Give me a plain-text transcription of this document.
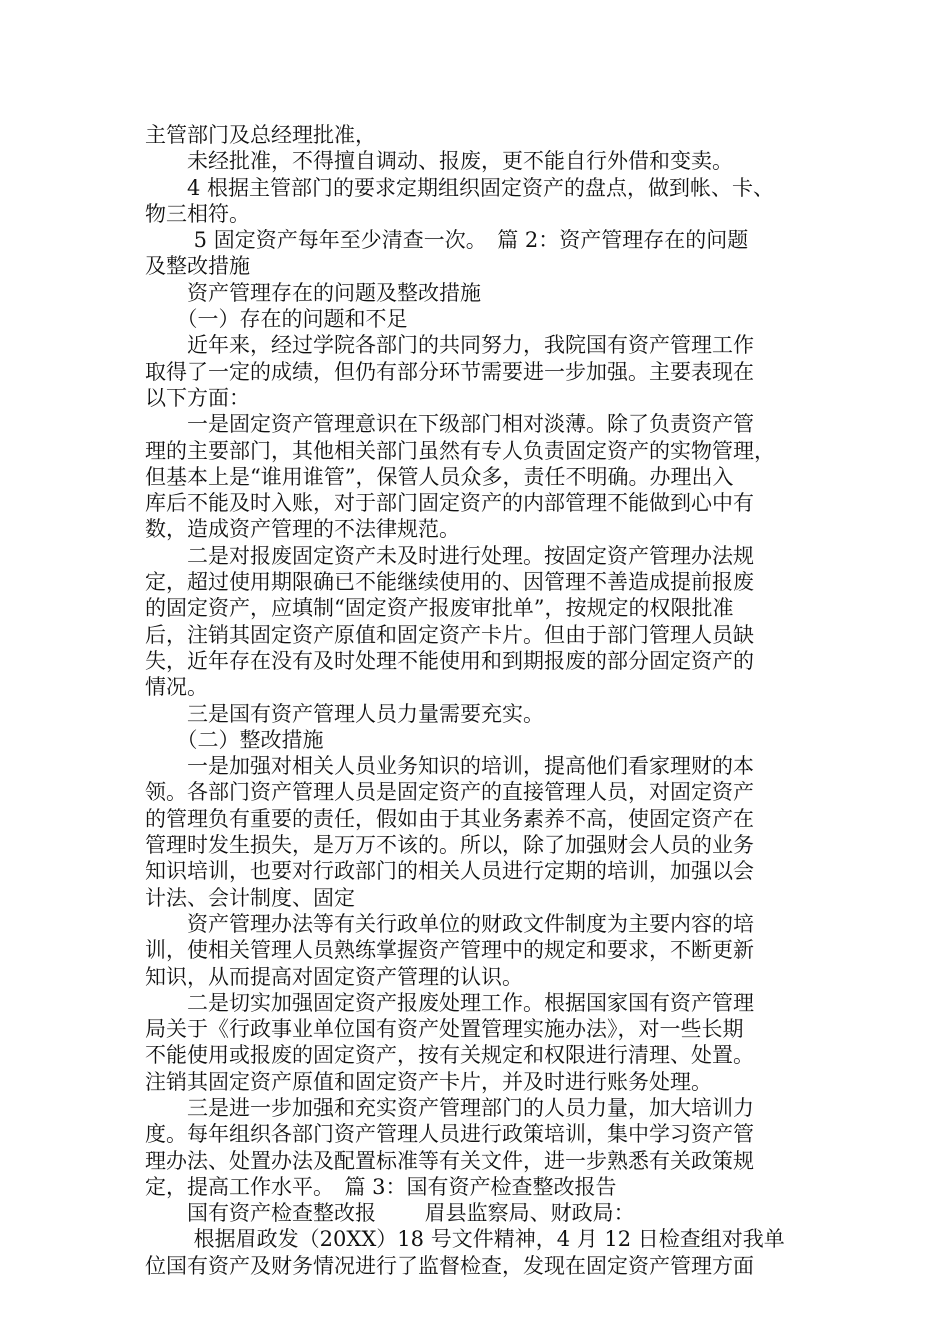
主管部门及总经理批准，
　　未经批准，不得擅自调动、报废，更不能自行外借和变卖。
　　4 根据主管部门的要求定期组织固定资产的盘点，做到帐、卡、
物三相符。
　　 5 固定资产每年至少清查一次。　篇 2：资产管理存在的问题
及整改措施
　　资产管理存在的问题及整改措施
　　（一）存在的问题和不足
　　近年来，经过学院各部门的共同努力，我院国有资产管理工作
取得了一定的成绩，但仍有部分环节需要进一步加强。主要表现在
以下方面：
　　一是固定资产管理意识在下级部门相对淡薄。除了负责资产管
理的主要部门，其他相关部门虽然有专人负责固定资产的实物管理，
但基本上是“谁用谁管”，保管人员众多，责任不明确。办理出入
库后不能及时入账，对于部门固定资产的内部管理不能做到心中有
数，造成资产管理的不法律规范。
　　二是对报废固定资产未及时进行处理。按固定资产管理办法规
定，超过使用期限确已不能继续使用的、因管理不善造成提前报废
的固定资产，应填制“固定资产报废审批单”，按规定的权限批准
后，注销其固定资产原值和固定资产卡片。但由于部门管理人员缺
失，近年存在没有及时处理不能使用和到期报废的部分固定资产的
情况。
　　三是国有资产管理人员力量需要充实。
　　（二）整改措施
　　一是加强对相关人员业务知识的培训，提高他们看家理财的本
领。各部门资产管理人员是固定资产的直接管理人员，对固定资产
的管理负有重要的责任，假如由于其业务素养不高，使固定资产在
管理时发生损失，是万万不该的。所以，除了加强财会人员的业务
知识培训，也要对行政部门的相关人员进行定期的培训，加强以会
计法、会计制度、固定
　　资产管理办法等有关行政单位的财政文件制度为主要内容的培
训，使相关管理人员熟练掌握资产管理中的规定和要求，不断更新
知识，从而提高对固定资产管理的认识。
　　二是切实加强固定资产报废处理工作。根据国家国有资产管理
局关于《行政事业单位国有资产处置管理实施办法》，对一些长期
不能使用或报废的固定资产，按有关规定和权限进行清理、处置。
注销其固定资产原值和固定资产卡片，并及时进行账务处理。
　　三是进一步加强和充实资产管理部门的人员力量，加大培训力
度。每年组织各部门资产管理人员进行政策培训，集中学习资产管
理办法、处置办法及配置标准等有关文件，进一步熟悉有关政策规
定，提高工作水平。　篇 3：国有资产检查整改报告
　　国有资产检查整改报　　 眉县监察局、财政局：
　　 根据眉政发（20XX）18 号文件精神，4 月 12 日检查组对我单
位国有资产及财务情况进行了监督检查，发现在固定资产管理方面
